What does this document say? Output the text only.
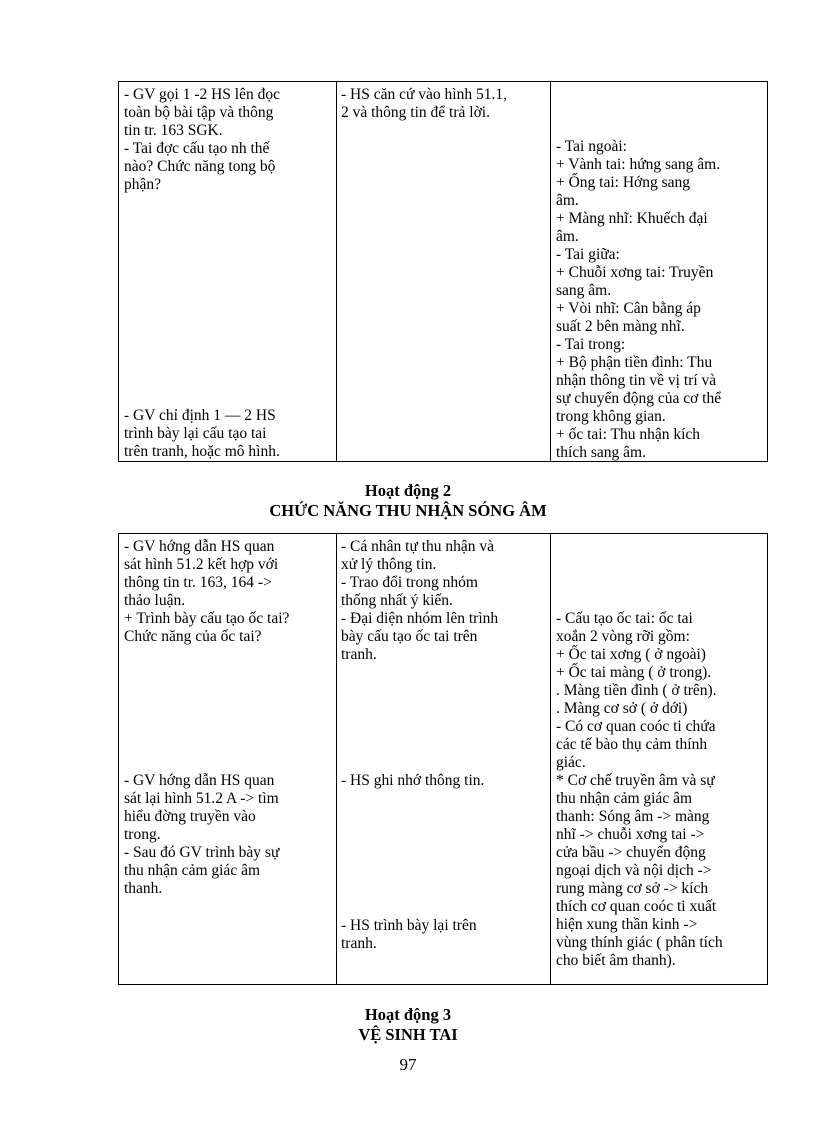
- GV gọi 1 -2 HS lên đọc
toàn bộ bài tập và thông
tin tr. 163 SGK.
- Tai đợc cấu tạo nh thế
nào? Chức năng tong bộ
phận?
- GV chỉ định 1 — 2 HS
trình bày lại cấu tạo tai
trên tranh, hoặc mô hình.
- HS căn cứ vào hình 51.1,
2 và thông tin để trả lời.
- Tai ngoài:
+ Vành tai: hứng sang âm.
+ Ống tai: Hớng sang
âm.
+ Màng nhĩ: Khuếch đại
âm.
- Tai giữa:
+ Chuỗi xơng tai: Truyền
sang âm.
+ Vòi nhĩ: Cân bằng áp
suất 2 bên màng nhĩ.
- Tai trong:
+ Bộ phận tiền đình: Thu
nhận thông tin về vị trí và
sự chuyển động của cơ thể
trong không gian.
+ ốc tai: Thu nhận kích
thích sang âm.
Hoạt động 2
CHỨC NĂNG THU NHẬN SÓNG ÂM
- GV hớng dẫn HS quan
sát hình 51.2 kết hợp với
thông tin tr. 163, 164 ->
thảo luận.
+ Trình bày cấu tạo ốc tai?
Chức năng của ốc tai?
- GV hớng dẫn HS quan
sát lại hình 51.2 A -> tìm
hiểu đờng truyền vào
trong.
- Sau đó GV trình bày sự
thu nhận cảm giác âm
thanh.
- Cá nhân tự thu nhận và
xử lý thông tin.
- Trao đổi trong nhóm
thống nhất ý kiến.
- Đại diện nhóm lên trình
bày cấu tạo ốc tai trên
tranh.
- HS ghi nhớ thông tin.
- HS trình bày lại trên
tranh.
- Cấu tạo ốc tai: ốc tai
xoắn 2 vòng rỡi gồm:
+ Ốc tai xơng ( ở ngoài)
+ Ốc tai màng ( ở trong).
. Màng tiền đình ( ở trên).
. Màng cơ sở ( ở dới)
- Có cơ quan coóc ti chứa
các tế bào thụ cảm thính
giác.
* Cơ chế truyền âm và sự
thu nhận cảm giác âm
thanh: Sóng âm -> màng
nhĩ -> chuỗi xơng tai ->
cửa bầu -> chuyển động
ngoại dịch và nội dịch ->
rung màng cơ sở -> kích
thích cơ quan coóc ti xuất
hiện xung thần kinh ->
vùng thính giác ( phân tích
cho biết âm thanh).
Hoạt động 3
VỆ SINH TAI
97
